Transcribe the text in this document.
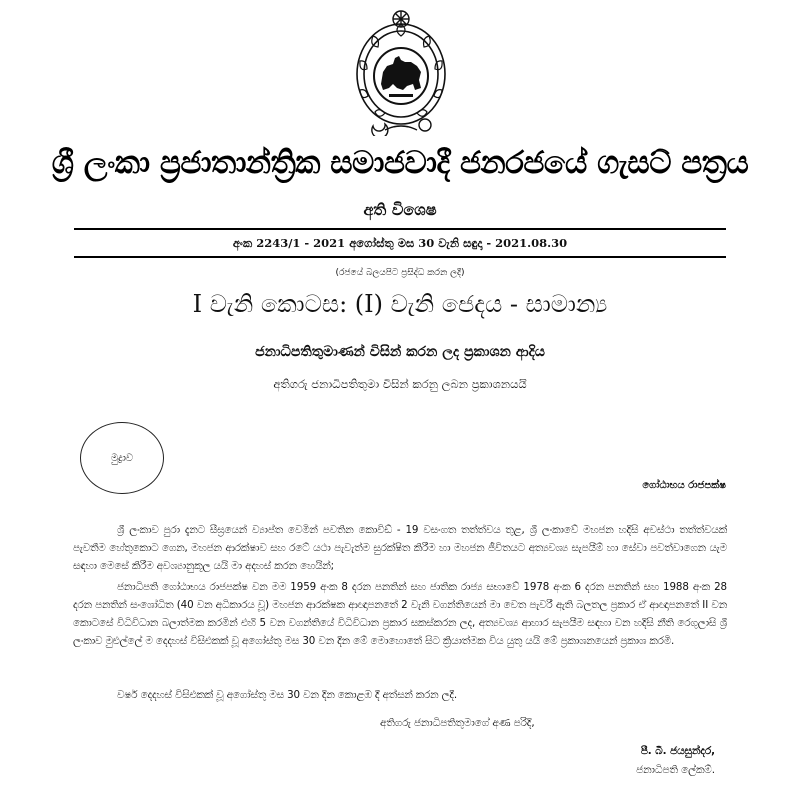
ශ්‍රී ලංකා ප්‍රජාතාන්ත්‍රික සමාජවාදී ජනරජයේ ගැසට් පත්‍රය
අති විශෙෂ
අංක 2243/1 - 2021 අගෝස්තු මස 30 වැනි සඳුදා - 2021.08.30
(රජයේ බලයපිට ප්‍රසිද්ධ කරන ලදී)
I වැනි කොටස: (I) වැනි ජෙදය - සාමාන්‍ය
ජනාධිපතිතුමාණන් විසින් කරන ලද ප්‍රකාශන ආදිය
අතිගරු ජනාධිපතිතුමා විසින් කරනු ලබන ප්‍රකාශනයයි
මුද්‍රාව
ගෝඨාභය රාජපක්ෂ

ශ්‍රී ලංකාව පුරා දැනට සීඝ්‍රයෙන් ව්‍යාප්ත වෙමින් පවතින කොවිඩ් - 19 වසංගත තත්ත්වය තුළ, ශ්‍රී ලංකාවේ මහජන හදිසි අවස්ථා තත්ත්වයක් පැවතීම හේතුකොට ගෙන, මහජන ආරක්ෂාව සහ රටේ යථා පැවැත්ම සුරක්ෂිත කිරීම හා මහජන ජීවිතයට අත්‍යවශ්‍ය සැපයීම් හා සේවා පවත්වාගෙන යැම සඳහා මෙසේ කිරීම අවශ්‍යානුකූල යයි මා අදහස් කරන හෙයින්;

ජනාධිපති ගෝඨාභය රාජපක්ෂ වන මම 1959 අංක 8 දරන පනතින් සහ ජාතික රාජ්‍ය සභාවේ 1978 අංක 6 දරන පනතින් සහ 1988 අංක 28 දරන පනතින් සංශෝධිත (40 වන අධිකාරය වූ) මහජන ආරක්ෂක ආඥාපනතේ 2 වැනි වගන්තියෙන් මා වෙත පැවරී ඇති බලතල ප්‍රකාර ඒ ආඥාපනතේ II වන කොටසේ විධිවිධාන බලාත්මක කරමින් එහි 5 වන වගන්තියේ විධිවිධාන ප්‍රකාර සකස්කරන ලද, අත්‍යවශ්‍ය ආහාර සැපයීම සඳහා වන හදිසි නීති රෙගුලාසි ශ්‍රී ලංකාව මුළුල්ලේ ම දෙදහස් විසිඑකක් වූ අගෝස්තු මස 30 වන දින මේ මොහොතේ සිට ක්‍රියාත්මක විය යුතු යයි මේ ප්‍රකාශනයෙන් ප්‍රකාශ කරමි.

වර්ෂ දෙදහස් විසිඑකක් වූ අගෝස්තු මස 30 වන දින කොළඹ දී අත්සන් කරන ලදී.

අතිගරු ජනාධිපතිතුමාගේ අණ පරිදි,
පී. බී. ජයසුන්දර,
ජනාධිපති ලේකම්.
